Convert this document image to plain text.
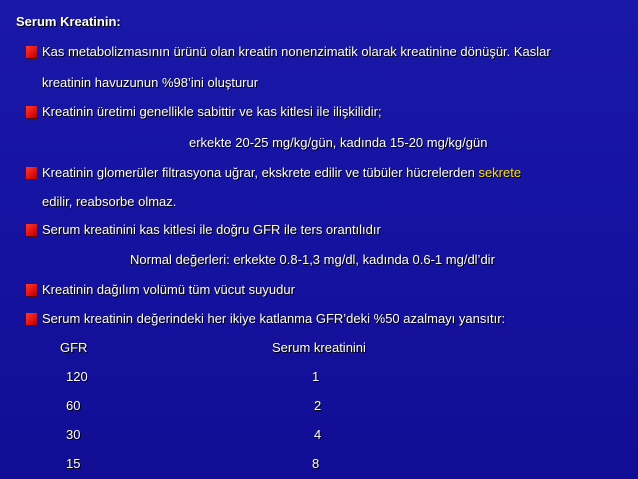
Serum Kreatinin:
Kas metabolizmasının ürünü olan kreatin nonenzimatik olarak kreatinine dönüşür. Kaslar
kreatinin havuzunun %98’ini oluşturur
Kreatinin üretimi genellikle sabittir ve kas kitlesi ile ilişkilidir;
erkekte 20-25 mg/kg/gün, kadında 15-20 mg/kg/gün
Kreatinin glomerüler filtrasyona uğrar, ekskrete edilir ve tübüler hücrelerden sekrete
edilir, reabsorbe olmaz.
Serum kreatinini kas kitlesi ile doğru GFR ile ters orantılıdır
Normal değerleri: erkekte 0.8-1,3 mg/dl, kadında 0.6-1 mg/dl’dir
Kreatinin dağılım volümü tüm vücut suyudur
Serum kreatinin değerindeki her ikiye katlanma GFR’deki %50 azalmayı yansıtır:
GFR	Serum kreatinini
120	1
60	2
30	4
15	8
